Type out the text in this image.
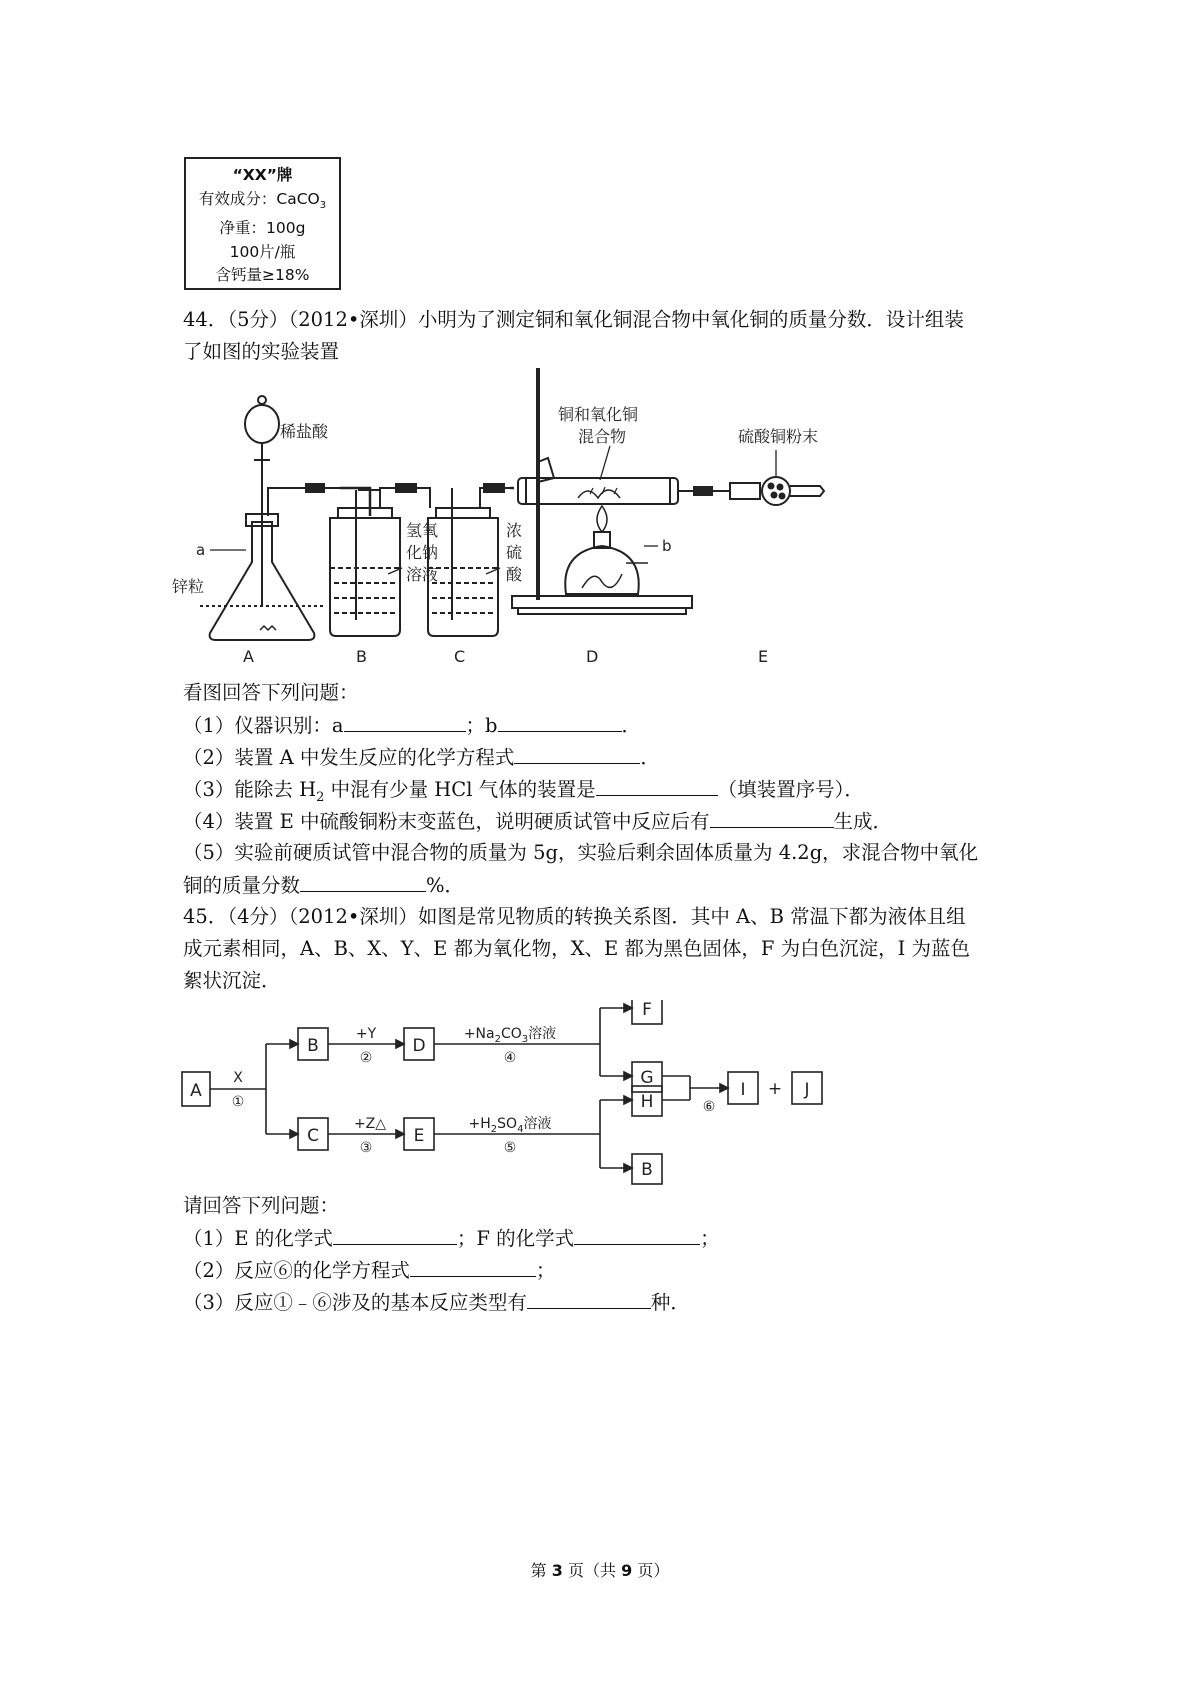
“XX”牌
有效成分：CaCO$_3$
净重：100g
100片/瓶
含钙量≥18%
44．（5分）（2012•深圳）小明为了测定铜和氧化铜混合物中氧化铜的质量分数．设计组装
了如图的实验装置
稀盐酸
a
锌粒
氢氧
化钠
溶液
浓
硫
酸
铜和氧化铜
混合物	硫酸铜粉末
b
A	B	C	D	E
看图回答下列问题：
（1）仪器识别：a	；b	．
（2）装置 A 中发生反应的化学方程式	．
（3）能除去 $H_2$ 中混有少量 HCl 气体的装置是	（填装置序号）．
（4）装置 E 中硫酸铜粉末变蓝色，说明硬质试管中反应后有	生成．
（5）实验前硬质试管中混合物的质量为 5g，实验后剩余固体质量为 4.2g，求混合物中氧化
铜的质量分数	%．
45．（4分）（2012•深圳）如图是常见物质的转换关系图．其中 A、B 常温下都为液体且组
成元素相同，A、B、X、Y、E 都为氧化物，X、E 都为黑色固体，F 为白色沉淀，I 为蓝色
絮状沉淀．
A
B
C
D
E
F
G
H
B
I	J
+
X
①
+Y
②
+Z△
③
$+Na_2CO_3$溶液
④
$+H_2SO_4$溶液
⑤
⑥
请回答下列问题：
（1）E 的化学式	；F 的化学式	；
（2）反应⑥的化学方程式	；
（3）反应①﹣⑥涉及的基本反应类型有	种．
第 3 页（共 9 页）
